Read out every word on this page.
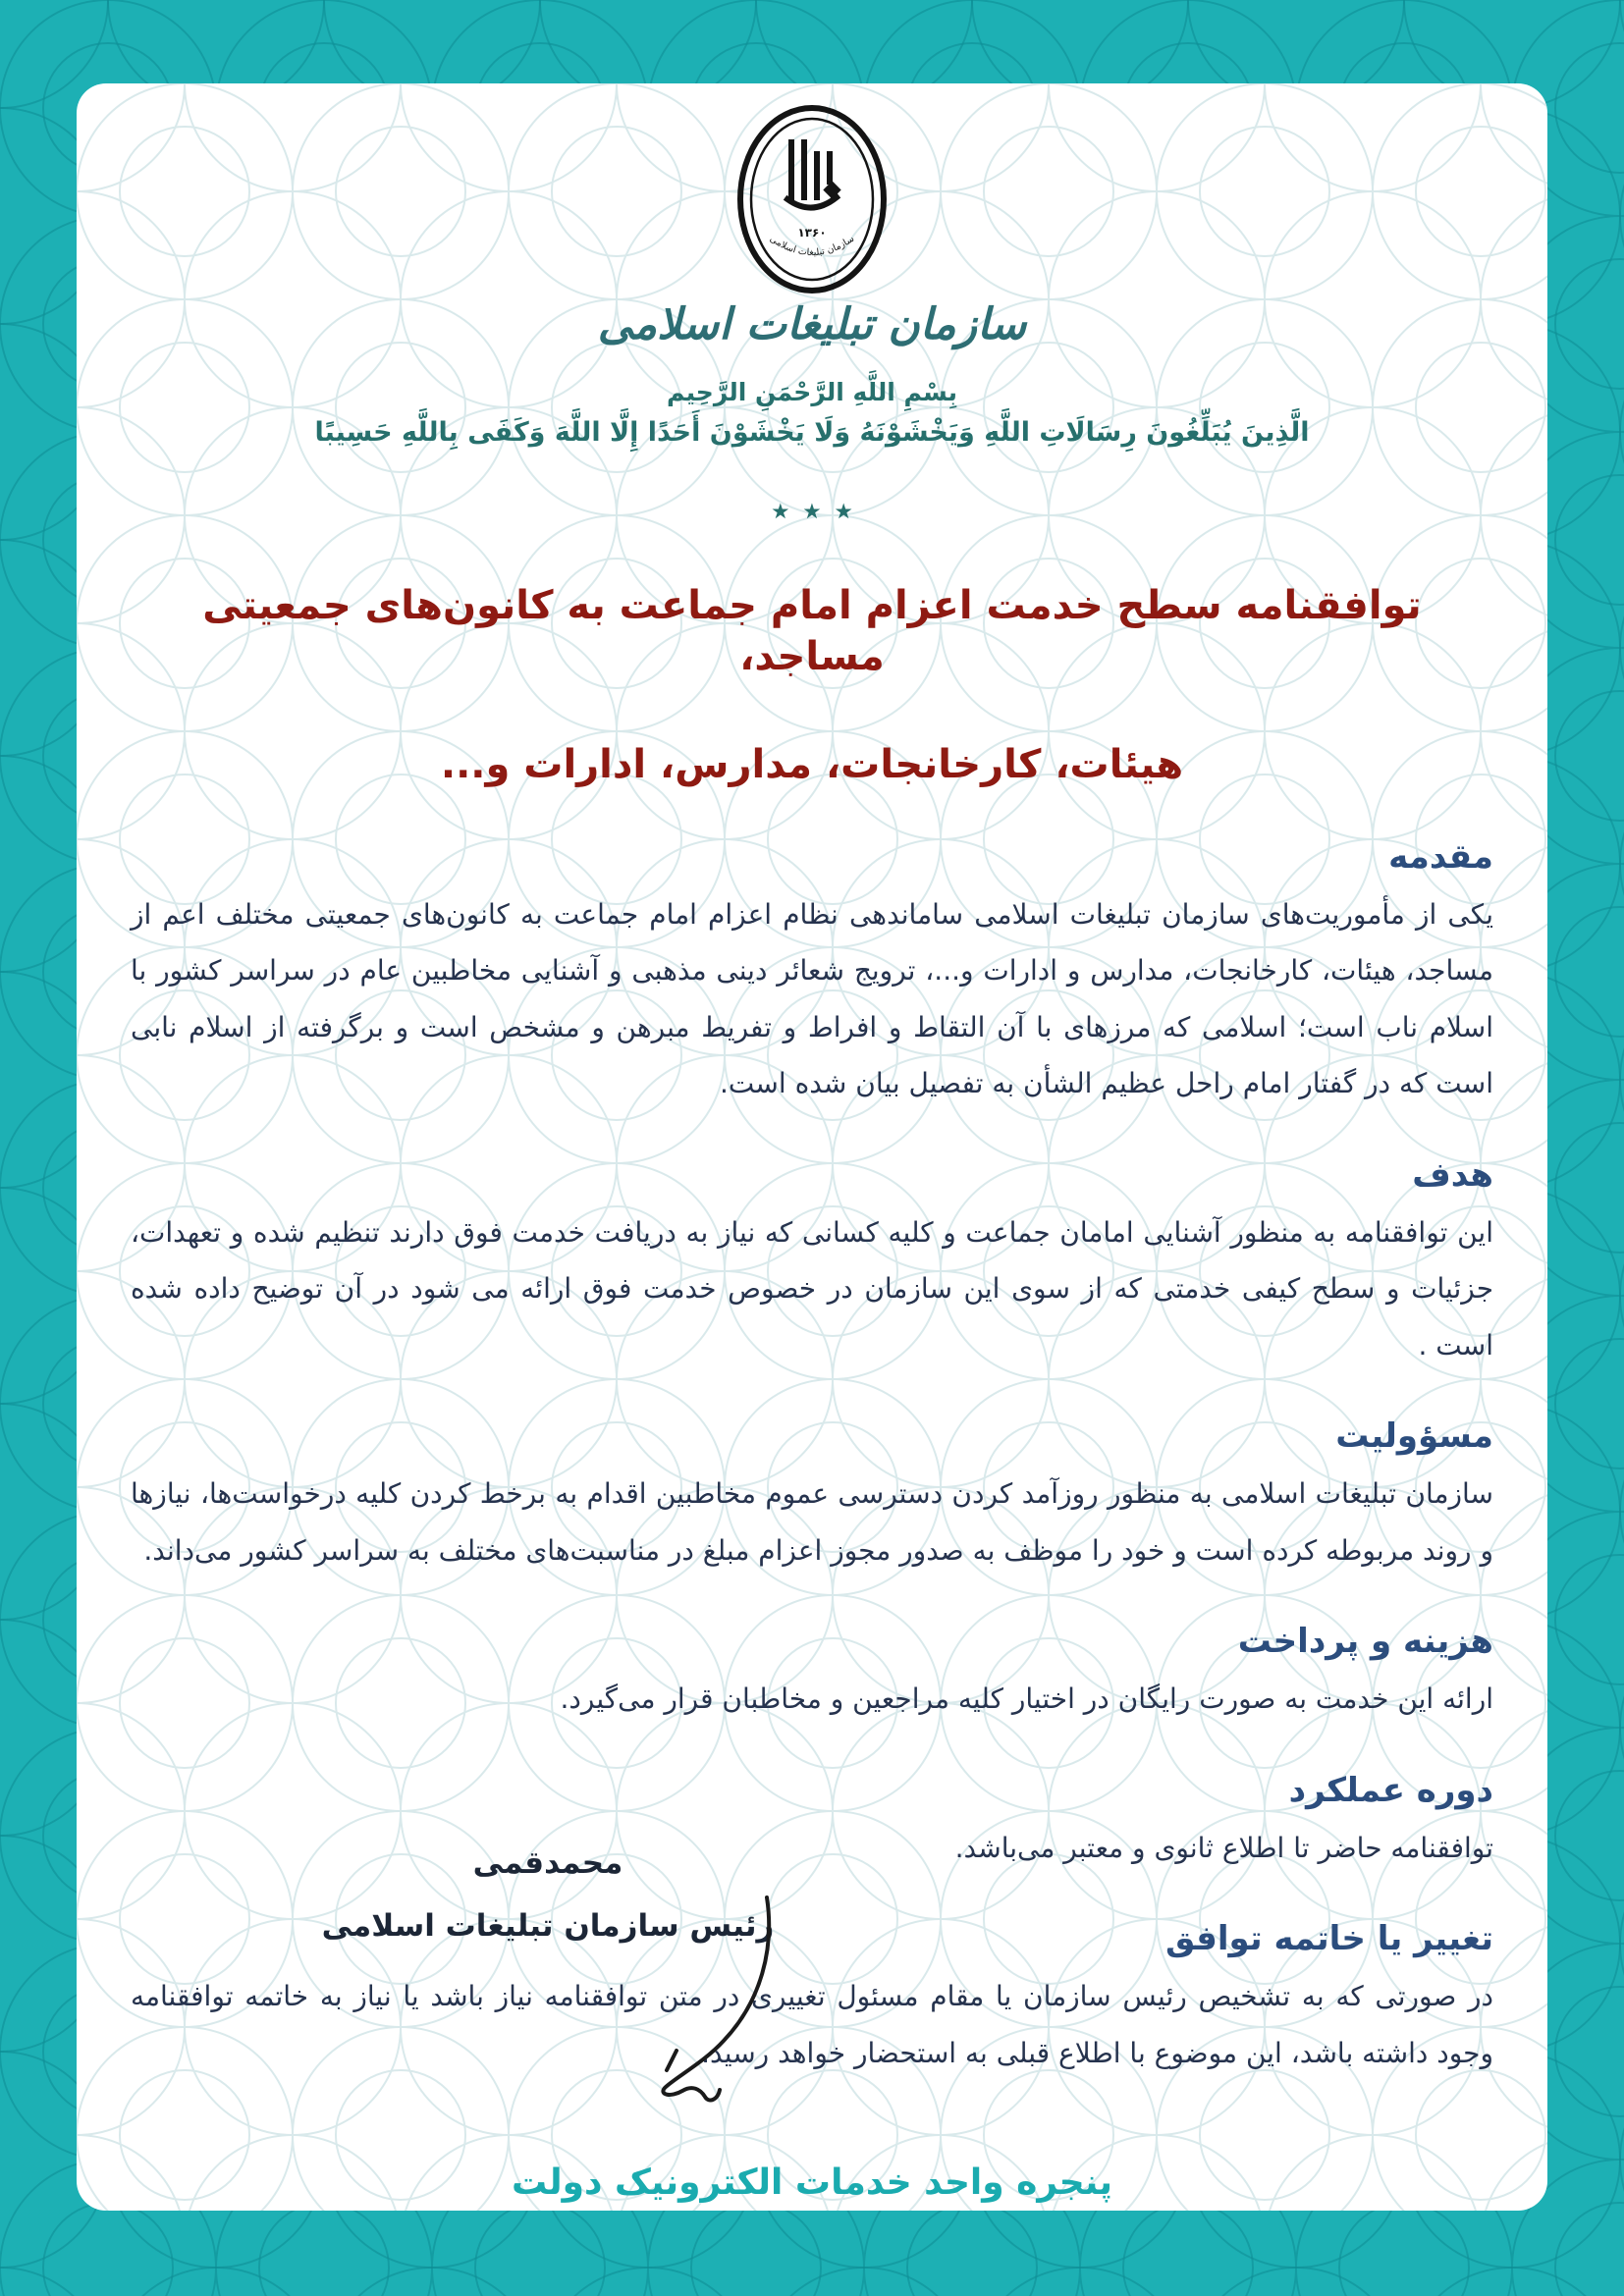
۱۳۶۰
سازمان تبلیغات اسلامی
سازمان تبلیغات اسلامی
بِسْمِ اللَّهِ الرَّحْمَنِ الرَّحِيم
الَّذِينَ يُبَلِّغُونَ رِسَالَاتِ اللَّهِ وَيَخْشَوْنَهُ وَلَا يَخْشَوْنَ أَحَدًا إِلَّا اللَّهَ وَكَفَى بِاللَّهِ حَسِيبًا
٭ ٭ ٭
توافقنامه سطح خدمت اعزام امام جماعت به کانون‌های جمعیتی مساجد،
هیئات، کارخانجات، مدارس، ادارات و...
مقدمه
یکی از مأموریت‌های سازمان تبلیغات اسلامی ساماندهی نظام اعزام امام جماعت به کانون‌های جمعیتی مختلف اعم از مساجد، هیئات، کارخانجات، مدارس و ادارات و...، ترویج شعائر دینی مذهبی و آشنایی مخاطبین عام در سراسر کشور با اسلام ناب است؛ اسلامی که مرزهای با آن التقاط و افراط و تفریط مبرهن و مشخص است و برگرفته از اسلام نابی است که در گفتار امام راحل عظیم الشأن به تفصیل بیان شده است.
هدف
این توافقنامه به منظور آشنایی امامان جماعت و کلیه کسانی که نیاز به دریافت خدمت فوق دارند تنظیم شده و تعهدات، جزئیات و سطح کیفی خدمتی که از سوی این سازمان در خصوص خدمت فوق ارائه می شود در آن توضیح داده شده است .
مسؤولیت
سازمان تبلیغات اسلامی به منظور روزآمد کردن دسترسی عموم مخاطبین اقدام به برخط کردن کلیه درخواست‌ها، نیازها و روند مربوطه کرده است و خود را موظف به صدور مجوز اعزام مبلغ در مناسبت‌های مختلف به سراسر کشور می‌داند.
هزینه و پرداخت
ارائه این خدمت به صورت رایگان در اختیار کلیه مراجعین و مخاطبان قرار می‌گیرد.
دوره عملکرد
توافقنامه حاضر تا اطلاع ثانوی و معتبر می‌باشد.
تغییر یا خاتمه توافق
در صورتی که به تشخیص رئیس سازمان یا مقام مسئول تغییری در متن توافقنامه نیاز باشد یا نیاز به خاتمه توافقنامه وجود داشته باشد، این موضوع با اطلاع قبلی به استحضار خواهد رسید.
محمدقمی
رئیس سازمان تبلیغات اسلامی
پنجره واحد خدمات الکترونیک دولت
